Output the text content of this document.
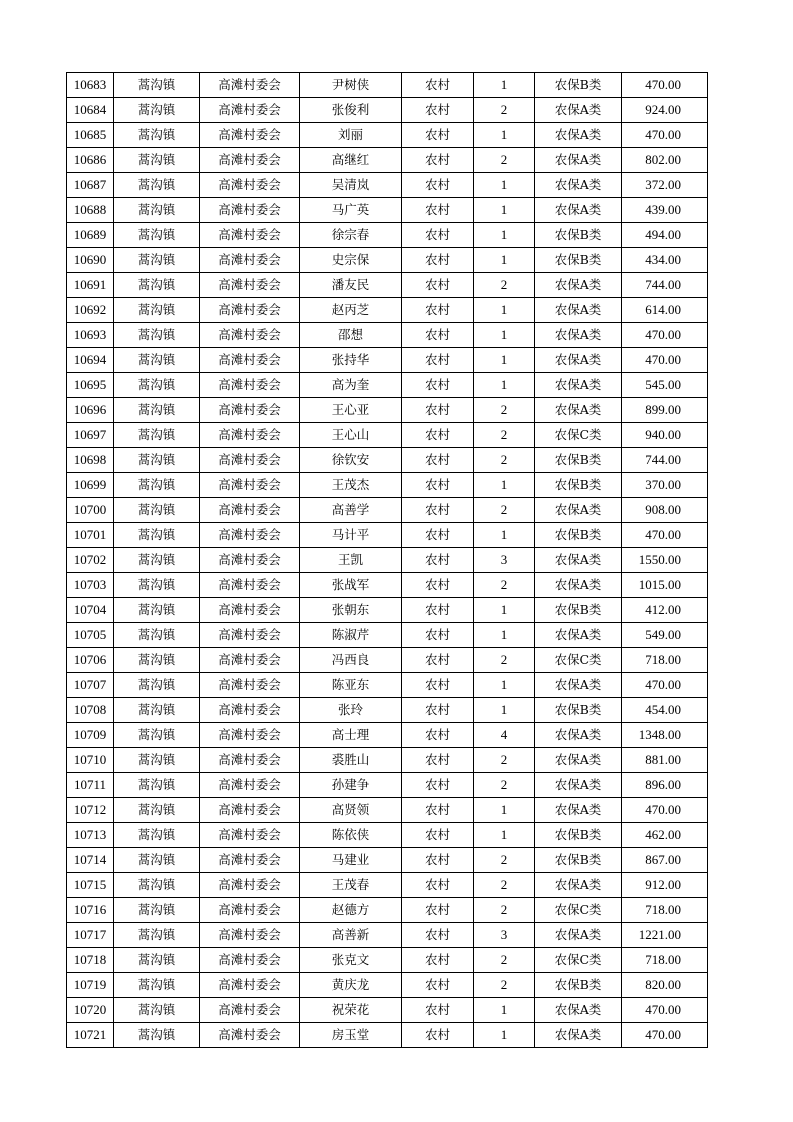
10683	蒿沟镇	高滩村委会	尹树侠	农村	1	农保B类	470.00
10684	蒿沟镇	高滩村委会	张俊利	农村	2	农保A类	924.00
10685	蒿沟镇	高滩村委会	刘丽	农村	1	农保A类	470.00
10686	蒿沟镇	高滩村委会	高继红	农村	2	农保A类	802.00
10687	蒿沟镇	高滩村委会	吴清岚	农村	1	农保A类	372.00
10688	蒿沟镇	高滩村委会	马广英	农村	1	农保A类	439.00
10689	蒿沟镇	高滩村委会	徐宗春	农村	1	农保B类	494.00
10690	蒿沟镇	高滩村委会	史宗保	农村	1	农保B类	434.00
10691	蒿沟镇	高滩村委会	潘友民	农村	2	农保A类	744.00
10692	蒿沟镇	高滩村委会	赵丙芝	农村	1	农保A类	614.00
10693	蒿沟镇	高滩村委会	邵想	农村	1	农保A类	470.00
10694	蒿沟镇	高滩村委会	张持华	农村	1	农保A类	470.00
10695	蒿沟镇	高滩村委会	高为奎	农村	1	农保A类	545.00
10696	蒿沟镇	高滩村委会	王心亚	农村	2	农保A类	899.00
10697	蒿沟镇	高滩村委会	王心山	农村	2	农保C类	940.00
10698	蒿沟镇	高滩村委会	徐钦安	农村	2	农保B类	744.00
10699	蒿沟镇	高滩村委会	王茂杰	农村	1	农保B类	370.00
10700	蒿沟镇	高滩村委会	高善学	农村	2	农保A类	908.00
10701	蒿沟镇	高滩村委会	马计平	农村	1	农保B类	470.00
10702	蒿沟镇	高滩村委会	王凯	农村	3	农保A类	1550.00
10703	蒿沟镇	高滩村委会	张战军	农村	2	农保A类	1015.00
10704	蒿沟镇	高滩村委会	张朝东	农村	1	农保B类	412.00
10705	蒿沟镇	高滩村委会	陈淑芹	农村	1	农保A类	549.00
10706	蒿沟镇	高滩村委会	冯西良	农村	2	农保C类	718.00
10707	蒿沟镇	高滩村委会	陈亚东	农村	1	农保A类	470.00
10708	蒿沟镇	高滩村委会	张玲	农村	1	农保B类	454.00
10709	蒿沟镇	高滩村委会	高士理	农村	4	农保A类	1348.00
10710	蒿沟镇	高滩村委会	裘胜山	农村	2	农保A类	881.00
10711	蒿沟镇	高滩村委会	孙建争	农村	2	农保A类	896.00
10712	蒿沟镇	高滩村委会	高贤领	农村	1	农保A类	470.00
10713	蒿沟镇	高滩村委会	陈依侠	农村	1	农保B类	462.00
10714	蒿沟镇	高滩村委会	马建业	农村	2	农保B类	867.00
10715	蒿沟镇	高滩村委会	王茂春	农村	2	农保A类	912.00
10716	蒿沟镇	高滩村委会	赵德方	农村	2	农保C类	718.00
10717	蒿沟镇	高滩村委会	高善新	农村	3	农保A类	1221.00
10718	蒿沟镇	高滩村委会	张克文	农村	2	农保C类	718.00
10719	蒿沟镇	高滩村委会	黄庆龙	农村	2	农保B类	820.00
10720	蒿沟镇	高滩村委会	祝荣花	农村	1	农保A类	470.00
10721	蒿沟镇	高滩村委会	房玉堂	农村	1	农保A类	470.00
